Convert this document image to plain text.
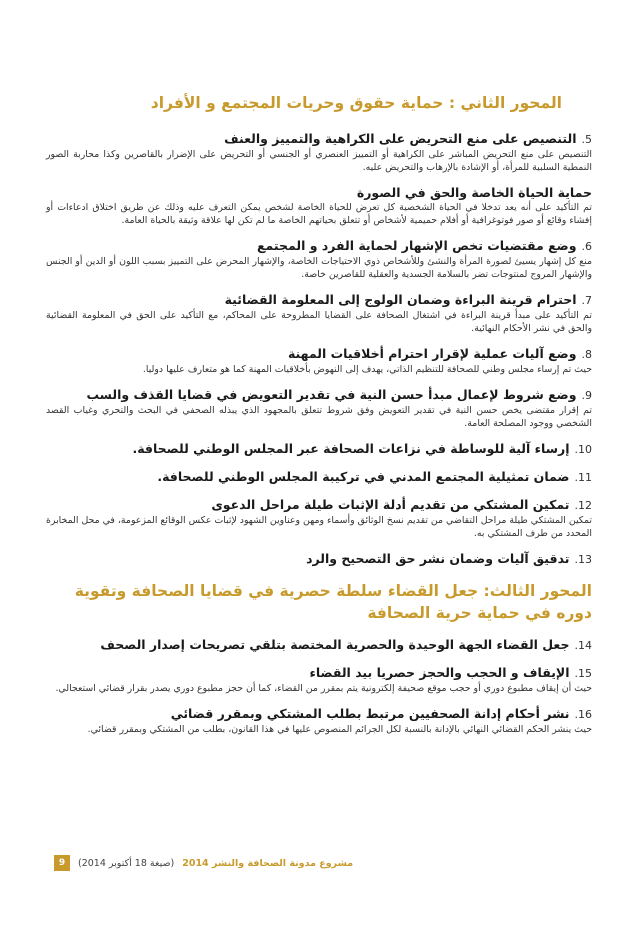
المحور الثاني : حماية حقوق وحريات المجتمع و الأفراد
5.التنصيص على منع التحريض على الكراهية والتمييز والعنف
التنصيص على منع التحريض المباشر على الكراهية أو التمييز العنصري أو الجنسي أو التحريض على الإضرار بالقاصرين وكذا محاربة الصور النمطية السلبية للمرأة، أو الإشادة بالإرهاب والتحريض عليه.
حماية الحياة الخاصة والحق في الصورة
تم التأكيد على أنه يعد تدخلا في الحياة الشخصية كل تعرض للحياة الخاصة لشخص يمكن التعرف عليه وذلك عن طريق اختلاق ادعاءات أو إفشاء وقائع أو صور فوتوغرافية أو أفلام حميمية لأشخاص أو تتعلق بحياتهم الخاصة ما لم تكن لها علاقة وثيقة بالحياة العامة.
6.وضع مقتضيات تخص الإشهار لحماية الفرد و المجتمع
منع كل إشهار يسيئ لصورة المرأة والنشئ وللأشخاص ذوي الاحتياجات الخاصة، والإشهار المحرض على التمييز بسبب اللون أو الدين أو الجنس والإشهار المروج لمنتوجات تضر بالسلامة الجسدية والعقلية للقاصرين خاصة.
7.احترام قرينة البراءة وضمان الولوج إلى المعلومة القضائية
تم التأكيد على مبدأ قرينة البراءة في اشتغال الصحافة على القضايا المطروحة على المحاكم، مع التأكيد على الحق في المعلومة القضائية والحق في نشر الأحكام النهائية.
8.وضع آليات عملية لإقرار احترام أخلاقيات المهنة
حيث تم إرساء مجلس وطني للصحافة للتنظيم الذاتي، يهدف إلى النهوض بأخلاقيات المهنة كما هو متعارف عليها دوليا.
9.وضع شروط لإعمال مبدأ حسن النية في تقدير التعويض في قضايا القذف والسب
تم إقرار مقتضى يخص حسن النية في تقدير التعويض وفق شروط تتعلق بالمجهود الذي يبذله الصحفي في البحث والتحري وغياب القصد الشخصي ووجود المصلحة العامة.
10.إرساء آلية للوساطة في نزاعات الصحافة عبر المجلس الوطني للصحافة.
11.ضمان تمثيلية المجتمع المدني في تركيبة المجلس الوطني للصحافة.
12.تمكين المشتكي من تقديم أدلة الإثبات طيلة مراحل الدعوى
تمكين المشتكي طيلة مراحل التقاضي من تقديم نسخ الوثائق وأسماء ومهن وعناوين الشهود لإثبات عكس الوقائع المزعومة، في محل المخابرة المحدد من طرف المشتكي به.
13.تدقيق آليات وضمان نشر حق التصحيح والرد
المحور الثالث: جعل القضاء سلطة حصرية في قضايا الصحافة وتقوية
دوره في حماية حرية الصحافة
14.جعل القضاء الجهة الوحيدة والحصرية المختصة بتلقي تصريحات إصدار الصحف
15.الإيقاف و الحجب والحجز حصريا بيد القضاء
حيث أن إيقاف مطبوع دوري أو حجب موقع صحيفة إلكترونية يتم بمقرر من القضاء، كما أن حجز مطبوع دوري يصدر بقرار قضائي استعجالي.
16.نشر أحكام إدانة الصحفيين مرتبط بطلب المشتكي وبمقرر قضائي
حيث ينشر الحكم القضائي النهائي بالإدانة بالنسبة لكل الجرائم المنصوص عليها في هذا القانون، بطلب من المشتكي وبمقرر قضائي.
9	(صيغة 18 أكتوبر 2014) مشروع مدونة الصحافة والنشر 2014
